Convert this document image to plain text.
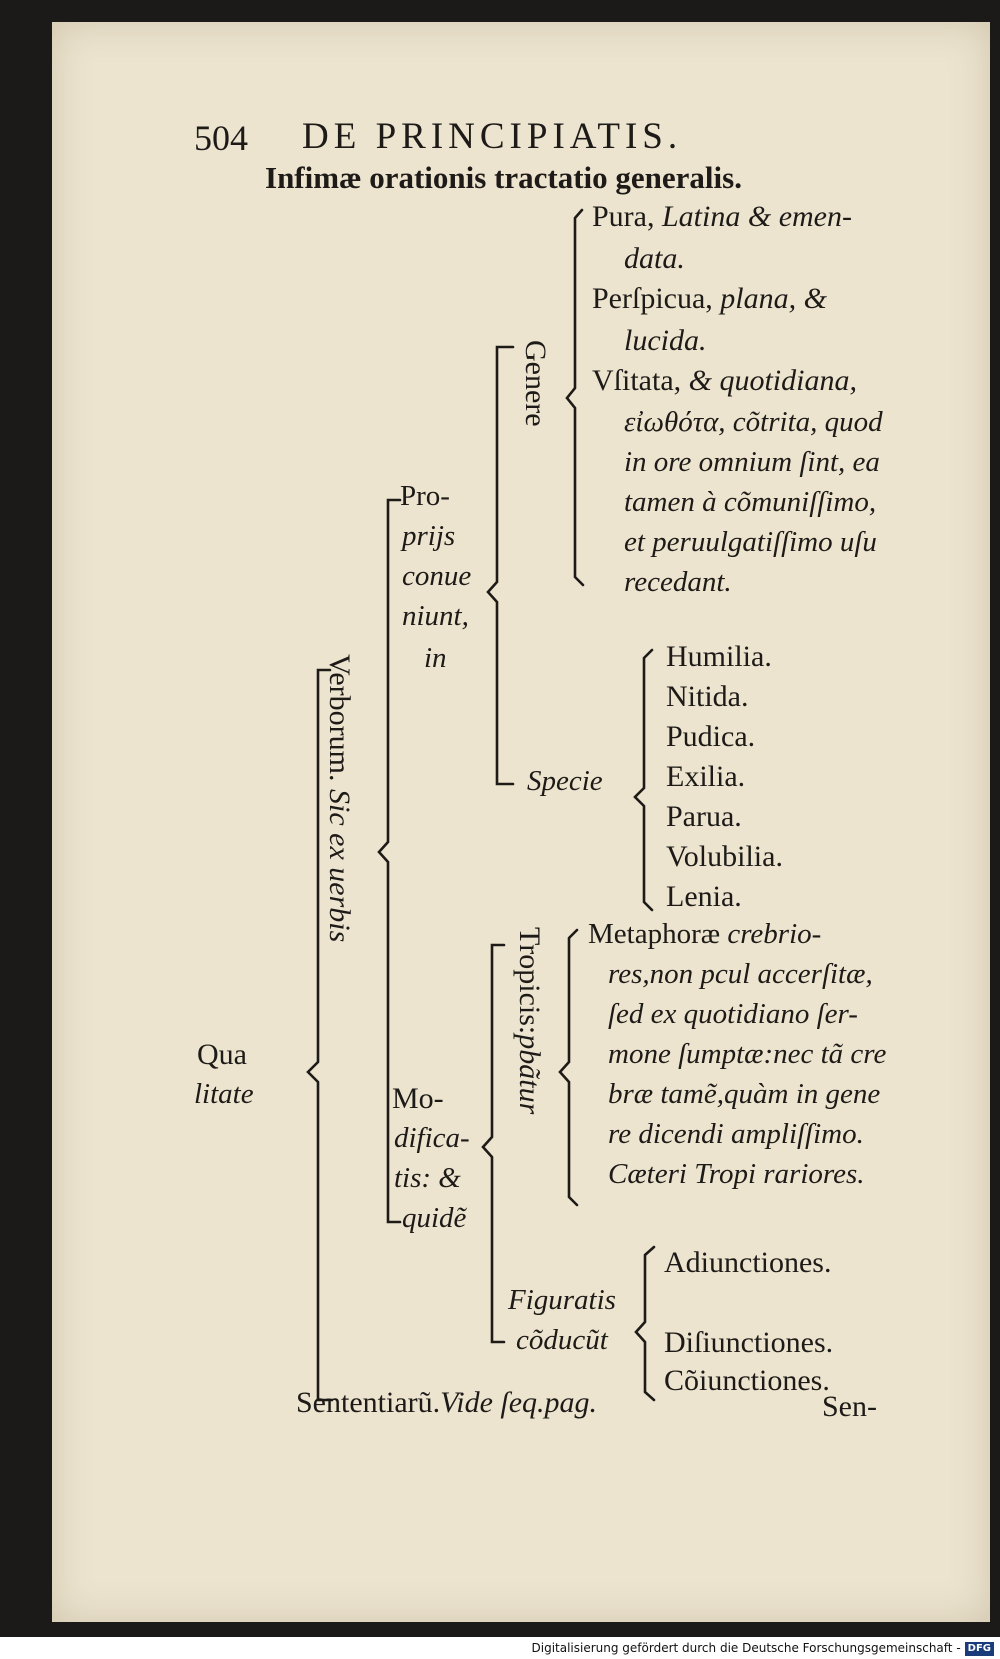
504 DE PRINCIPIATIS.
Infimæ orationis tractatio generalis.
Pura, Latina & emen-
data.
Perſpicua, plana, &
lucida.
Vſitata, & quotidiana,
εἰωθότα, cõtrita, quod
in ore omnium ſint, ea
tamen à cõmuniſſimo,
et peruulgatiſſimo uſu
recedant.
Genere
Pro-
prijs
conue
niunt,
in
Specie
Humilia.
Nitida.
Pudica.
Exilia.
Parua.
Volubilia.
Lenia.
Verborum. Sic ex uerbis
Qua
litate	Mo-
difica-
tis: &
quidẽ
Tropicis:pbãtur
Metaphoræ crebrio-
res,non pcul accerſitæ,
ſed ex quotidiano ſer-
mone ſumptæ:nec tã cre
bræ tamẽ,quàm in gene
re dicendi ampliſſimo.
Cæteri Tropi rariores.
Figuratis
cõducũt
Adiunctiones.
Diſiunctiones.
Cõiunctiones.
Sententiarũ.Vide ſeq.pag.	Sen-
Digitalisierung gefördert durch die Deutsche Forschungsgemeinschaft - DFG
